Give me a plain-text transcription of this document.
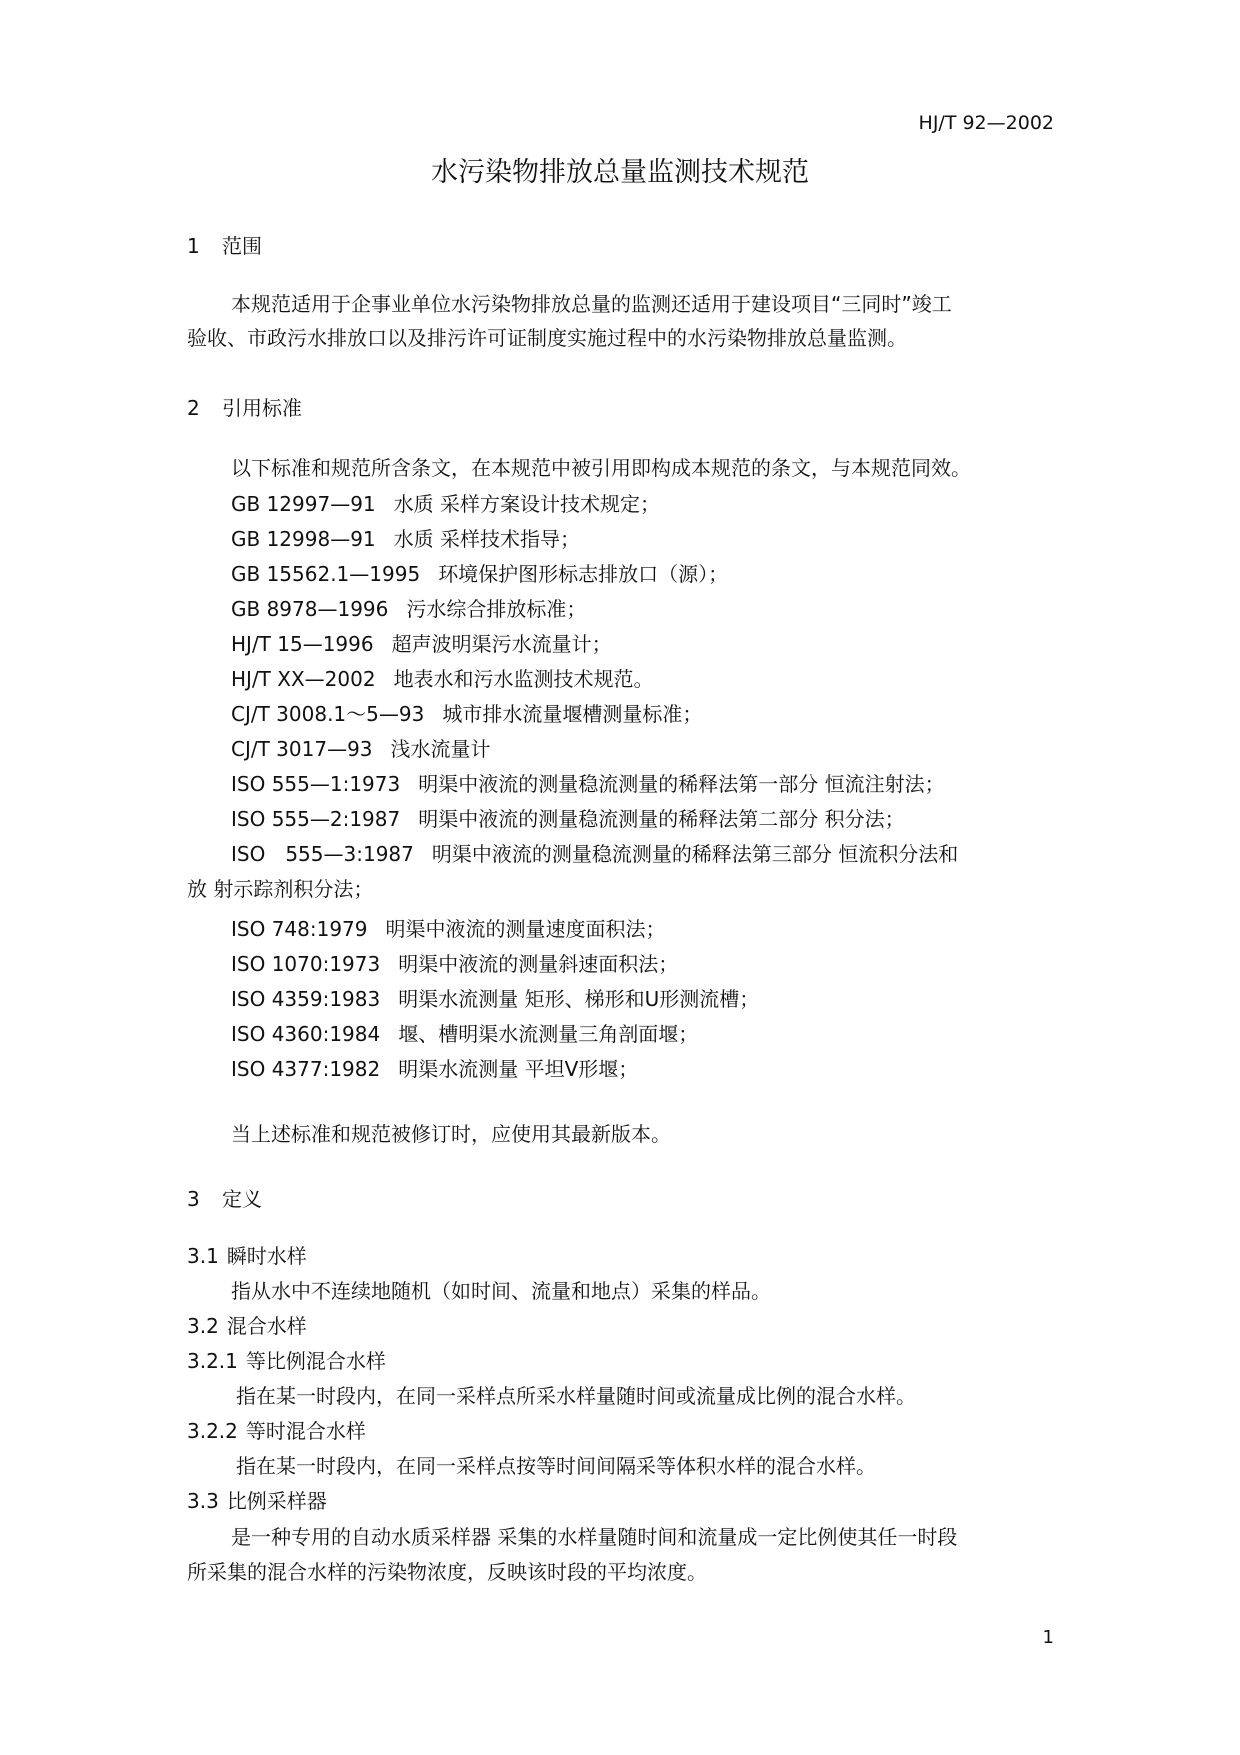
HJ/T 92—2002
水污染物排放总量监测技术规范
1 范围
本规范适用于企事业单位水污染物排放总量的监测还适用于建设项目“三同时”竣工
验收、市政污水排放口以及排污许可证制度实施过程中的水污染物排放总量监测。
2 引用标准
以下标准和规范所含条文，在本规范中被引用即构成本规范的条文，与本规范同效。
GB 12997—91 水质 采样方案设计技术规定；
GB 12998—91 水质 采样技术指导；
GB 15562.1—1995 环境保护图形标志排放口（源）；
GB 8978—1996 污水综合排放标准；
HJ/T 15—1996 超声波明渠污水流量计；
HJ/T XX—2002 地表水和污水监测技术规范。
CJ/T 3008.1～5—93 城市排水流量堰槽测量标准；
CJ/T 3017—93 浅水流量计
ISO 555—1:1973 明渠中液流的测量稳流测量的稀释法第一部分 恒流注射法；
ISO 555—2:1987 明渠中液流的测量稳流测量的稀释法第二部分 积分法；
ISO　555—3:1987 明渠中液流的测量稳流测量的稀释法第三部分 恒流积分法和
放 射示踪剂积分法；
ISO 748:1979 明渠中液流的测量速度面积法；
ISO 1070:1973 明渠中液流的测量斜速面积法；
ISO 4359:1983 明渠水流测量 矩形、梯形和U形测流槽；
ISO 4360:1984 堰、槽明渠水流测量三角剖面堰；
ISO 4377:1982 明渠水流测量 平坦V形堰；
当上述标准和规范被修订时，应使用其最新版本。
3 定义
3.1 瞬时水样
指从水中不连续地随机（如时间、流量和地点）采集的样品。
3.2 混合水样
3.2.1 等比例混合水样
指在某一时段内，在同一采样点所采水样量随时间或流量成比例的混合水样。
3.2.2 等时混合水样
指在某一时段内，在同一采样点按等时间间隔采等体积水样的混合水样。
3.3 比例采样器
是一种专用的自动水质采样器 采集的水样量随时间和流量成一定比例使其任一时段
所采集的混合水样的污染物浓度，反映该时段的平均浓度。
1
